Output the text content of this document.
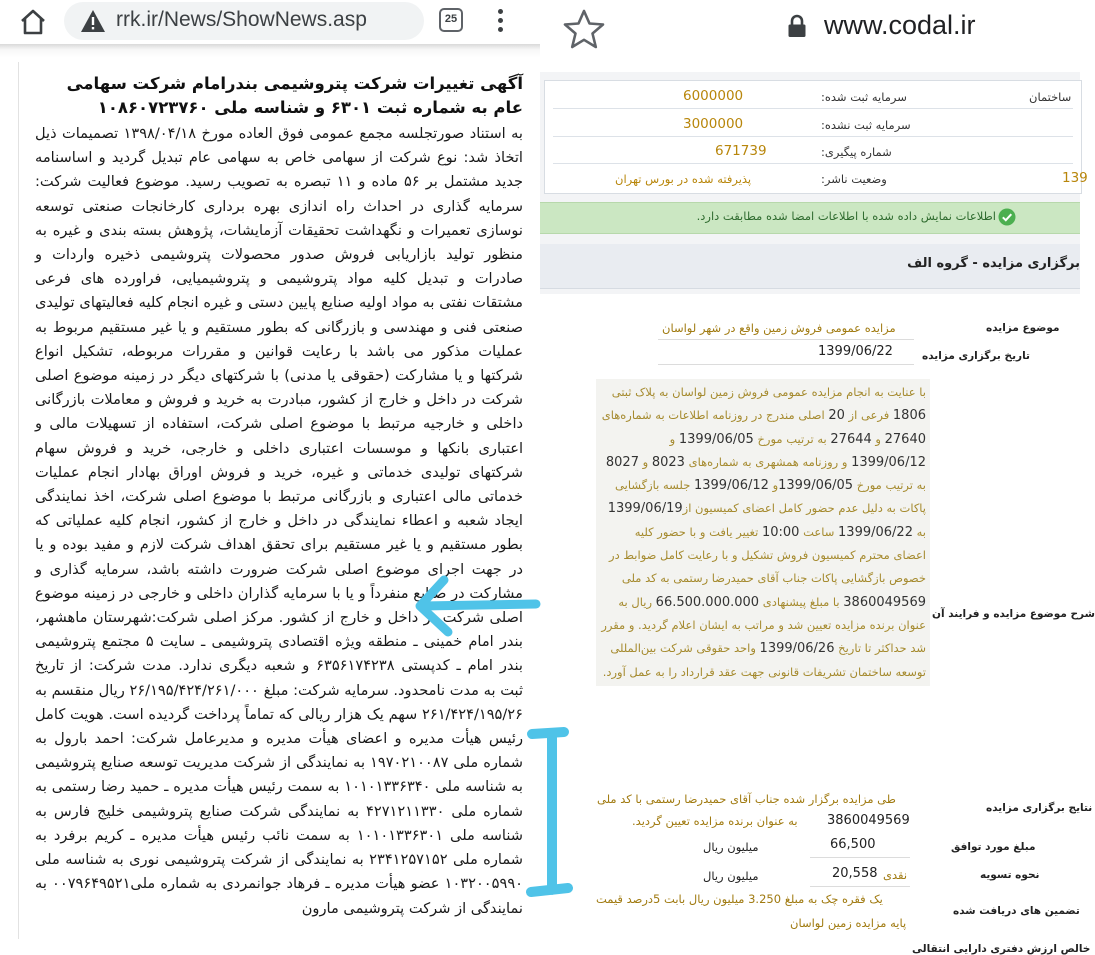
rrk.ir/News/ShowNews.asp	25
آگهی تغییرات شرکت پتروشیمی بندرامام شرکت سهامی عام به شماره ثبت ۶۳۰۱ و شناسه ملی ۱۰۸۶۰۷۲۳۷۶۰
به استناد صورتجلسه مجمع عمومی فوق العاده مورخ ۱۳۹۸/۰۴/۱۸ تصمیمات ذیل اتخاذ شد: نوع شرکت از سهامی خاص به سهامی عام تبدیل گردید و اساسنامه جدید مشتمل بر ۵۶ ماده و ۱۱ تبصره به تصویب رسید. موضوع فعالیت شرکت: سرمایه گذاری در احداث راه اندازی بهره برداری کارخانجات صنعتی توسعه نوسازی تعمیرات و نگهداشت تحقیقات آزمایشات، پژوهش بسته بندی و غیره به منظور تولید بازاریابی فروش صدور محصولات پتروشیمی ذخیره واردات و صادرات و تبدیل کلیه مواد پتروشیمی و پتروشیمیایی، فراورده های فرعی مشتقات نفتی به مواد اولیه صنایع پایین دستی و غیره انجام کلیه فعالیتهای تولیدی صنعتی فنی و مهندسی و بازرگانی که بطور مستقیم و یا غیر مستقیم مربوط به عملیات مذکور می باشد با رعایت قوانین و مقررات مربوطه، تشکیل انواع شرکتها و یا مشارکت (حقوقی یا مدنی) با شرکتهای دیگر در زمینه موضوع اصلی شرکت در داخل و خارج از کشور، مبادرت به خرید و فروش و معاملات بازرگانی داخلی و خارجیه مرتبط با موضوع اصلی شرکت، استفاده از تسهیلات مالی و اعتباری بانکها و موسسات اعتباری داخلی و خارجی، خرید و فروش سهام شرکتهای تولیدی خدماتی و غیره، خرید و فروش اوراق بهادار انجام عملیات خدماتی مالی اعتباری و بازرگانی مرتبط با موضوع اصلی شرکت، اخذ نمایندگی ایجاد شعبه و اعطاء نمایندگی در داخل و خارج از کشور، انجام کلیه عملیاتی که بطور مستقیم و یا غیر مستقیم برای تحقق اهداف شرکت لازم و مفید بوده و یا در جهت اجرای موضوع اصلی شرکت ضرورت داشته باشد، سرمایه گذاری و مشارکت در صنایع منفرداً و یا با سرمایه گذاران داخلی و خارجی در زمینه موضوع اصلی شرکت در داخل و خارج از کشور. مرکز اصلی شرکت:شهرستان ماهشهر، بندر امام خمینی ـ منطقه ویژه اقتصادی پتروشیمی ـ سایت ۵ مجتمع پتروشیمی بندر امام ـ کدپستی ۶۳۵۶۱۷۴۲۳۸ و شعبه دیگری ندارد. مدت شرکت: از تاریخ ثبت به مدت نامحدود. سرمایه شرکت: مبلغ ۲۶/۱۹۵/۴۲۴/۲۶۱/۰۰۰ ریال منقسم به ۲۶۱/۴۲۴/۱۹۵/۲۶ سهم یک هزار ریالی که تماماً پرداخت گردیده است. هویت کامل رئیس هیأت مدیره و اعضای هیأت مدیره و مدیرعامل شرکت: احمد بارول به شماره ملی ۱۹۷۰۲۱۰۰۸۷ به نمایندگی از شرکت مدیریت توسعه صنایع پتروشیمی به شناسه ملی ۱۰۱۰۱۳۳۶۳۴۰ به سمت رئیس هیأت مدیره ـ حمید رضا رستمی به شماره ملی ۴۲۷۱۲۱۱۳۳۰ به نمایندگی شرکت صنایع پتروشیمی خلیج فارس به شناسه ملی ۱۰۱۰۱۳۳۶۳۰۱ به سمت نائب رئیس هیأت مدیره ـ کریم برفرد به شماره ملی ۲۳۴۱۲۵۷۱۵۲ به نمایندگی از شرکت پتروشیمی نوری به شناسه ملی ۱۰۳۲۰۰۵۹۹۰ عضو هیأت مدیره ـ فرهاد جوانمردی به شماره ملی۰۰۷۹۶۴۹۵۲۱ به نمایندگی از شرکت پتروشیمی مارون
www.codal.ir
سرمایه ثبت شده:
6000000	ساختمان
سرمایه ثبت نشده:
3000000
شماره پیگیری:
671739
وضعیت ناشر:
پذیرفته شده در بورس تهران	139
اطلاعات نمایش داده شده با اطلاعات امضا شده مطابقت دارد.
برگزاری مزایده - گروه الف
موضوع مزایده
مزایده عمومی فروش زمین واقع در شهر لواسان
تاریخ برگزاری مزایده
1399/06/22
شرح موضوع مزایده و فرایند آن
با عنایت به انجام مزایده عمومی فروش زمین لواسان به پلاک ثبتی 1806 فرعی از 20 اصلی مندرج در روزنامه اطلاعات به شماره‌های 27640 و 27644 به ترتیب مورخ 1399/06/05 و 1399/06/12 و روزنامه همشهری به شماره‌های 8023 و 8027 به ترتیب مورخ 1399/06/05و 1399/06/12 جلسه بازگشایی پاکات به دلیل عدم حضور کامل اعضای کمیسیون از1399/06/19 به 1399/06/22 ساعت 10:00 تغییر یافت و با حضور کلیه اعضای محترم کمیسیون فروش تشکیل و با رعایت کامل ضوابط در خصوص بازگشایی پاکات جناب آقای حمیدرضا رستمی به کد ملی 3860049569 با مبلغ پیشنهادی 66.500.000.000 ریال به عنوان برنده مزایده تعیین شد و مراتب به ایشان اعلام گردید. و مقرر شد حداکثر تا تاریخ 1399/06/26 واحد حقوقی شرکت بین‌المللی توسعه ساختمان تشریفات قانونی جهت عقد قرارداد را به عمل آورد.
نتایج برگزاری مزایده
طی مزایده برگزار شده جناب آقای حمیدرضا رستمی با کد ملی
3860049569
به عنوان برنده مزایده تعیین گردید.
مبلغ مورد توافق
66,500
میلیون ریال
نحوه تسویه
نقدی
تضمین های دریافت شده
یک فقره چک به مبلغ 3.250 میلیون ریال بابت 5درصد قیمت
پایه مزایده زمین لواسان
خالص ارزش دفتری دارایی انتقالی
20,558
میلیون ریال
